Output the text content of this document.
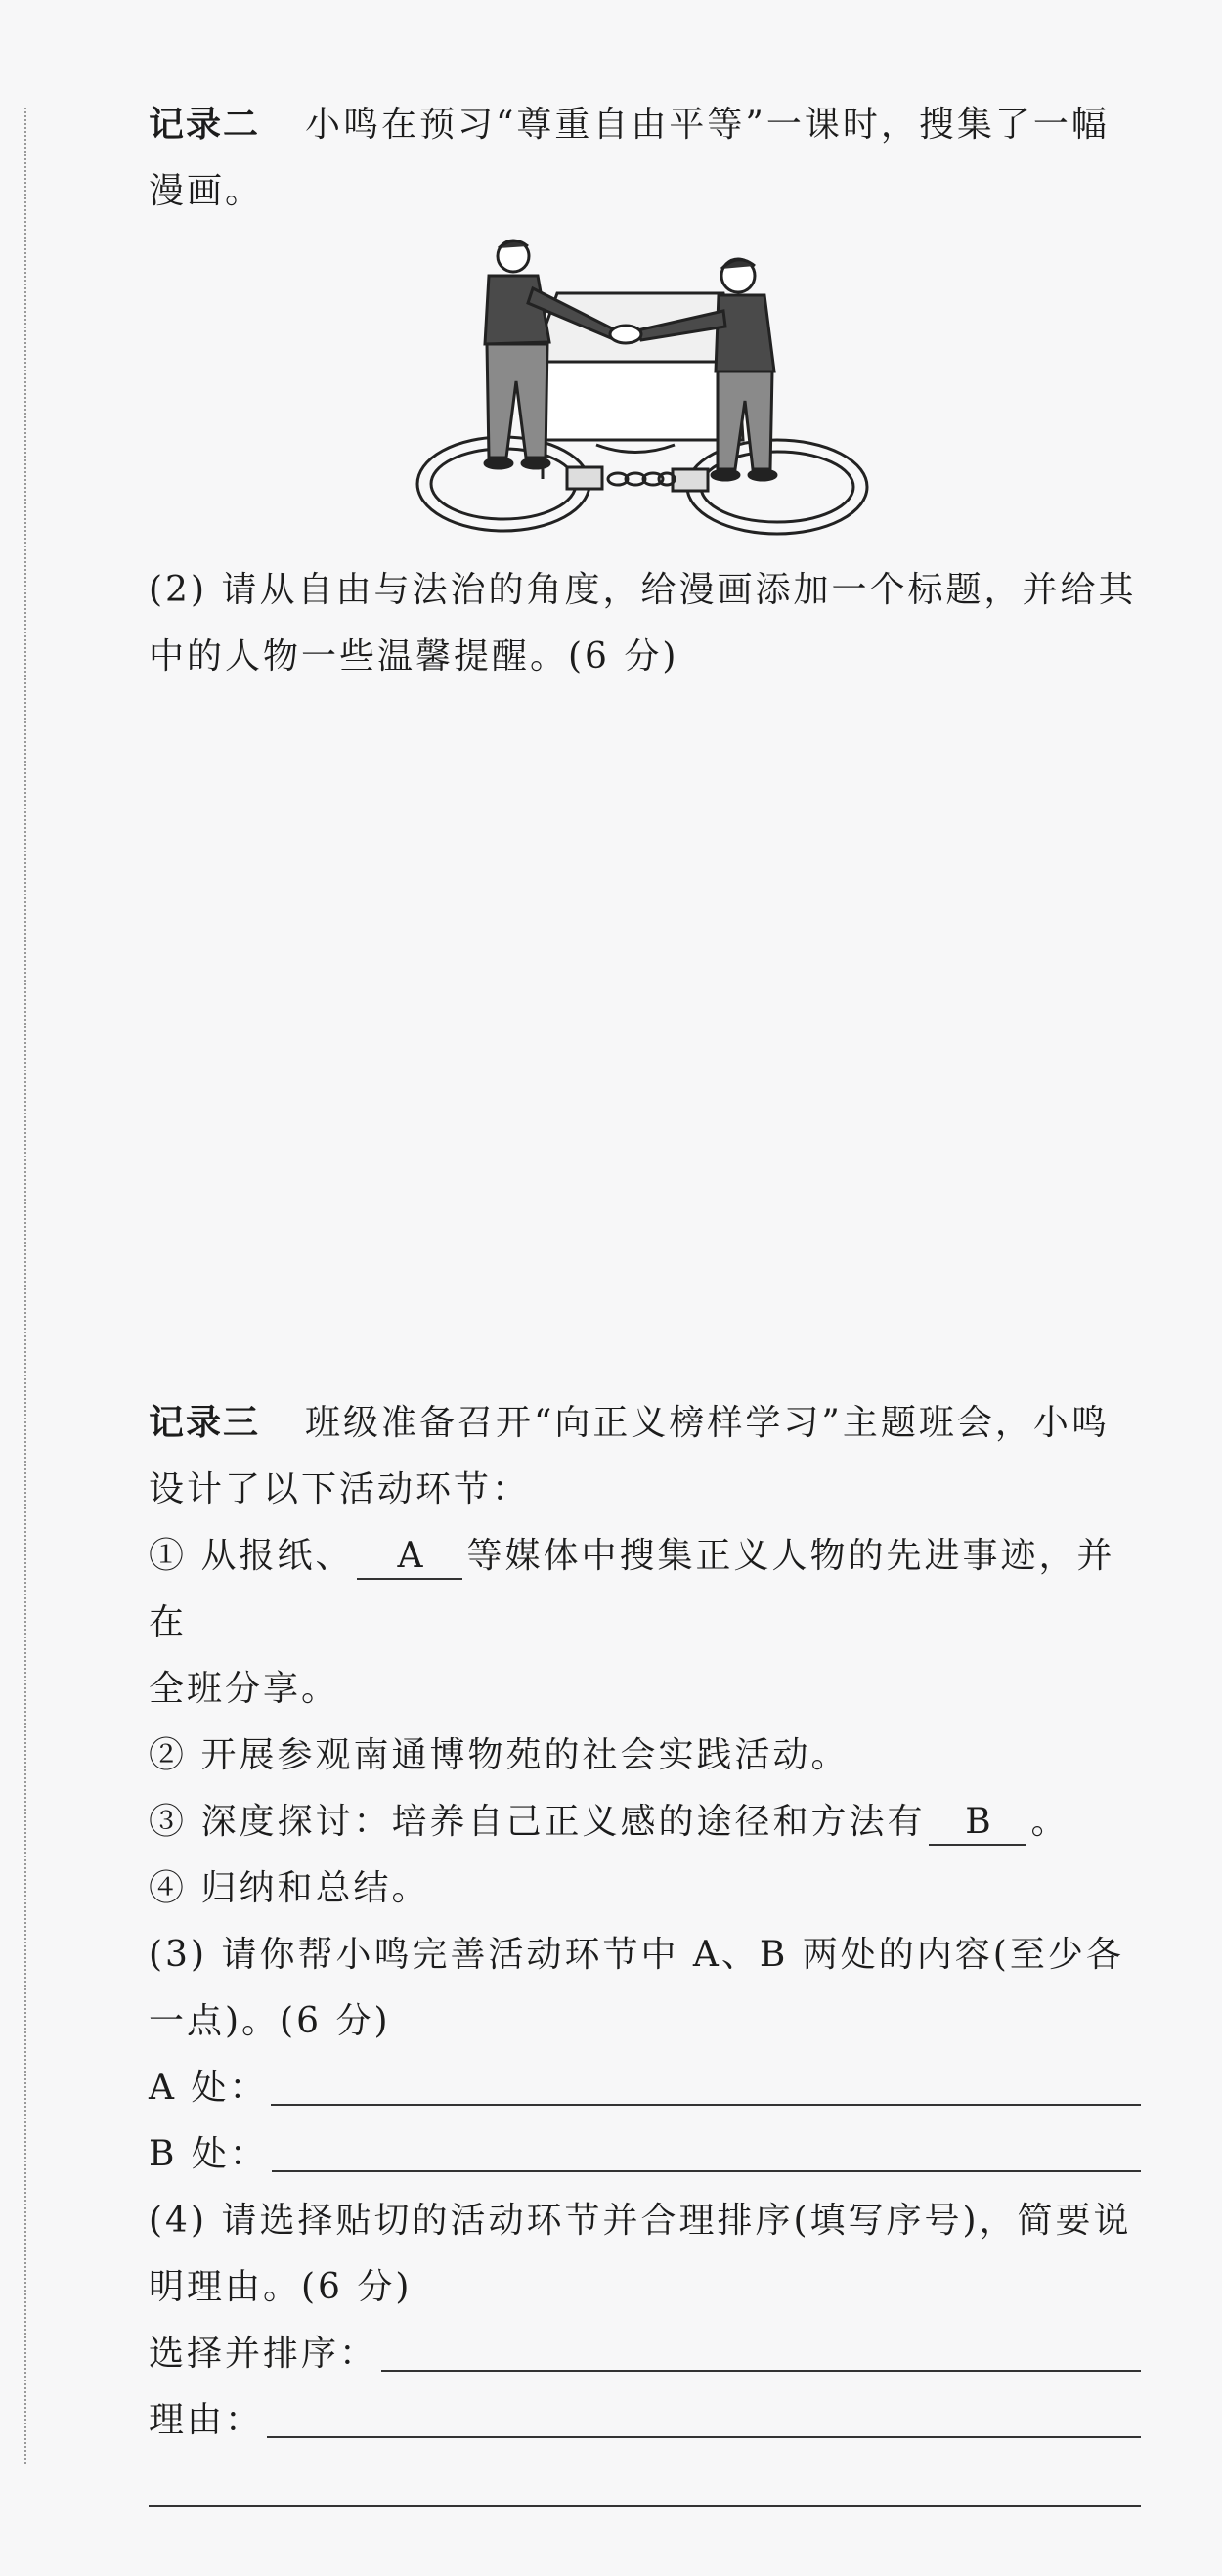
记录二 小鸣在预习“尊重自由平等”一课时，搜集了一幅
漫画。
(2) 请从自由与法治的角度，给漫画添加一个标题，并给其
中的人物一些温馨提醒。(6 分)
记录三 班级准备召开“向正义榜样学习”主题班会，小鸣
设计了以下活动环节：
① 从报纸、 A 等媒体中搜集正义人物的先进事迹，并在
全班分享。
② 开展参观南通博物苑的社会实践活动。
③ 深度探讨：培养自己正义感的途径和方法有 B 。
④ 归纳和总结。
(3) 请你帮小鸣完善活动环节中 A、B 两处的内容(至少各
一点)。(6 分)
A 处：
B 处：
(4) 请选择贴切的活动环节并合理排序(填写序号)，简要说
明理由。(6 分)
选择并排序：
理由：
